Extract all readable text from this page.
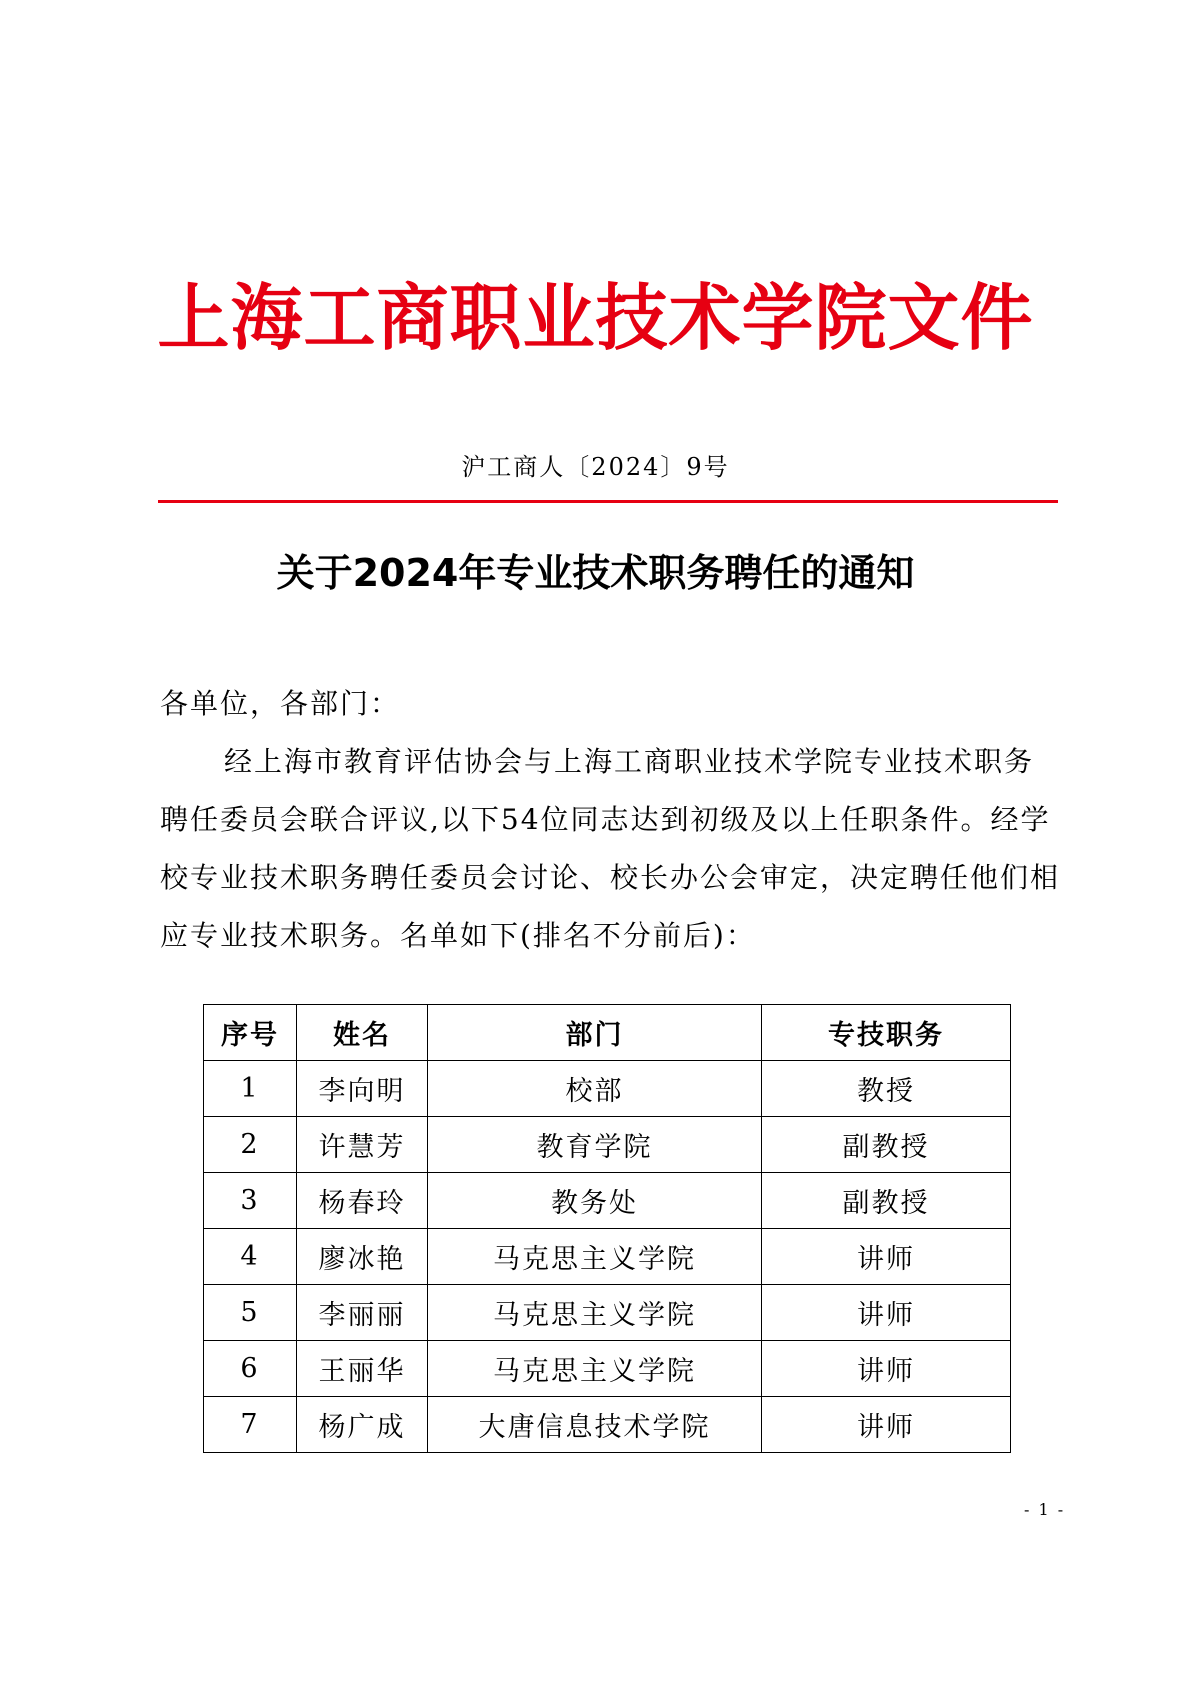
上海工商职业技术学院文件
沪工商人〔2024〕9号
关于2024年专业技术职务聘任的通知
各单位，各部门：
经上海市教育评估协会与上海工商职业技术学院专业技术职务聘任委员会联合评议,以下54位同志达到初级及以上任职条件。经学校专业技术职务聘任委员会讨论、校长办公会审定，决定聘任他们相应专业技术职务。名单如下(排名不分前后)：
序号	姓名	部门	专技职务
1	李向明	校部	教授
2	许慧芳	教育学院	副教授
3	杨春玲	教务处	副教授
4	廖冰艳	马克思主义学院	讲师
5	李丽丽	马克思主义学院	讲师
6	王丽华	马克思主义学院	讲师
7	杨广成	大唐信息技术学院	讲师
- 1 -
